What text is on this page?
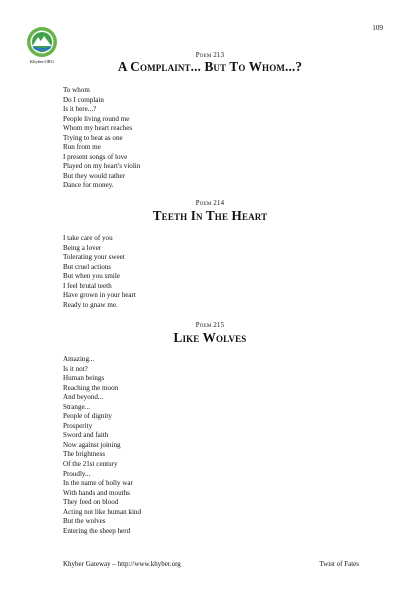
109
Khyber.ORG
Poem 213
A Complaint... But To Whom...?
To whom
Do I complain
Is it here...?
People living round me
Whom my heart reaches
Trying to beat as one
Run from me
I present songs of love
Played on my heart's violin
But they would rather
Dance for money.
Poem 214
Teeth In The Heart
I take care of you
Being a lover
Tolerating your sweet
But cruel actions
But when you smile
I feel brutal teeth
Have grown in your heart
Ready to gnaw me.
Poem 215
Like Wolves
Amazing...
Is it not?
Human beings
Reaching the moon
And beyond...
Strange...
People of dignity
Prosperity
Sword and faith
Now against joining
The brightness
Of the 21st century
Proudly...
In the name of holly war
With hands and mouths
They feed on blood
Acting not like human kind
But the wolves
Entering the sheep herd
Khyber Gateway – http://www.khyber.org	Twist of Fates
